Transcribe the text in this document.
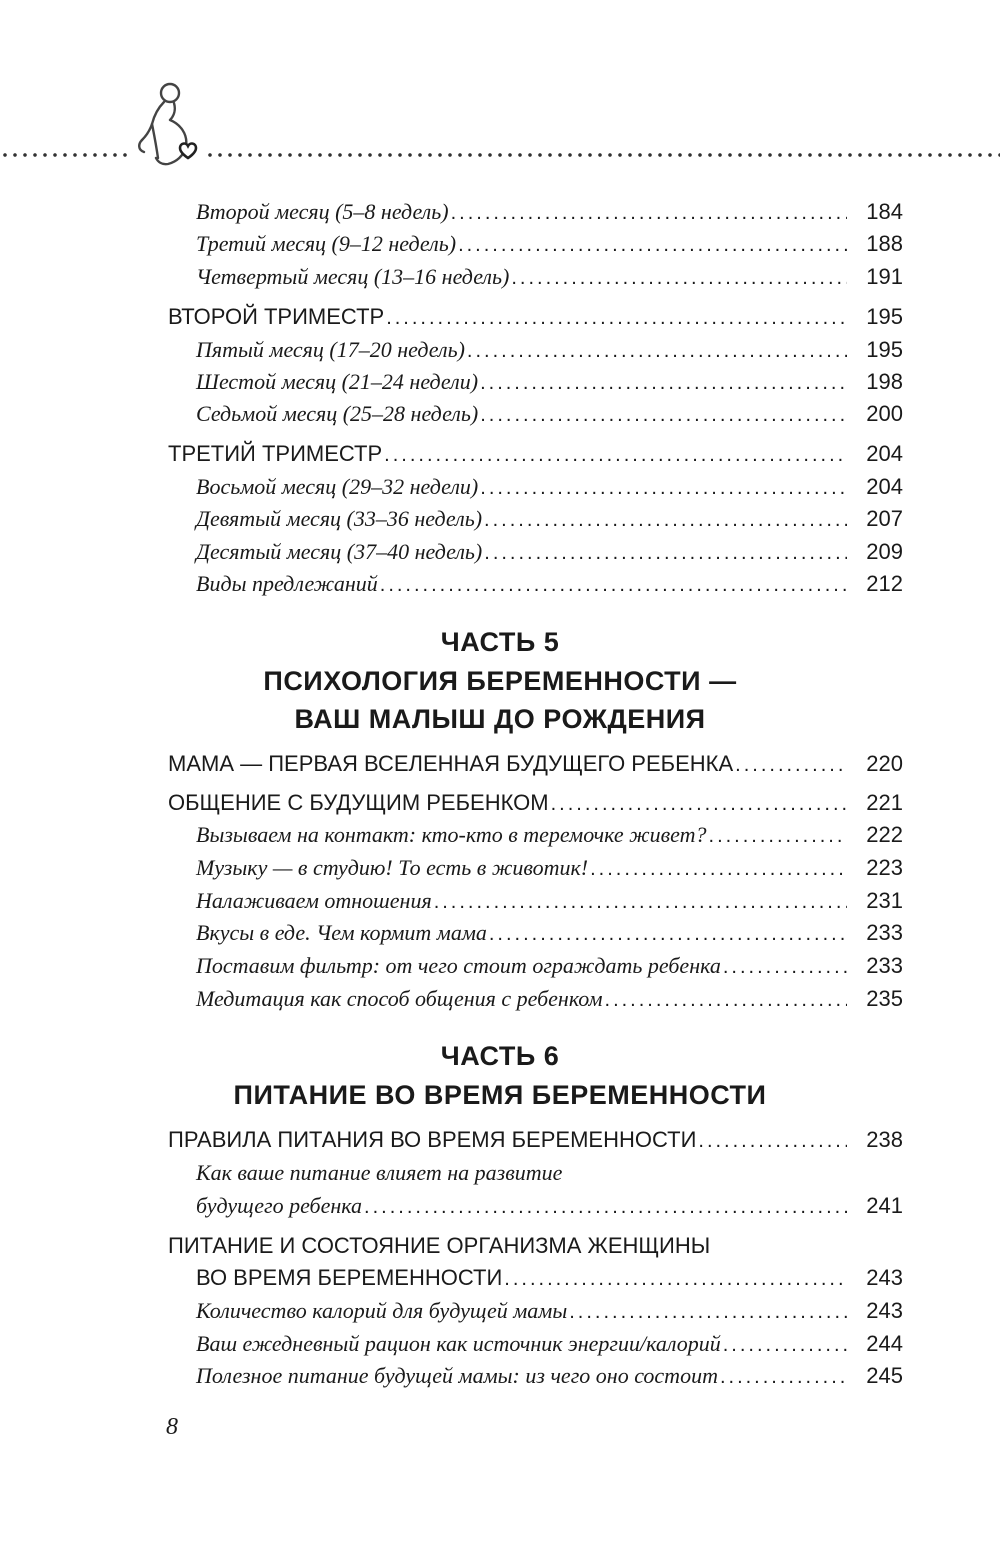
Второй месяц (5–8 недель) .....	184
Третий месяц (9–12 недель) .....	188
Четвертый месяц (13–16 недель) .....	191
ВТОРОЙ ТРИМЕСТР .....	195
Пятый месяц (17–20 недель) .....	195
Шестой месяц (21–24 недели) .....	198
Седьмой месяц (25–28 недель) .....	200
ТРЕТИЙ ТРИМЕСТР .....	204
Восьмой месяц (29–32 недели) .....	204
Девятый месяц (33–36 недель) .....	207
Десятый месяц (37–40 недель) .....	209
Виды предлежаний .....	212
МАМА — ПЕРВАЯ ВСЕЛЕННАЯ БУДУЩЕГО РЕБЕНКА .....	220
ОБЩЕНИЕ С БУДУЩИМ РЕБЕНКОМ .....	221
Вызываем на контакт: кто-кто в теремочке живет? .....	222
Музыку — в студию! То есть в животик! .....	223
Налаживаем отношения .....	231
Вкусы в еде. Чем кормит мама .....	233
Поставим фильтр: от чего стоит ограждать ребенка .....	233
Медитация как способ общения с ребенком .....	235
ПРАВИЛА ПИТАНИЯ ВО ВРЕМЯ БЕРЕМЕННОСТИ .....	238
Как ваше питание влияет на развитие
будущего ребенка .....	241
ПИТАНИЕ И СОСТОЯНИЕ ОРГАНИЗМА ЖЕНЩИНЫ
ВО ВРЕМЯ БЕРЕМЕННОСТИ .....	243
Количество калорий для будущей мамы .....	243
Ваш ежедневный рацион как источник энергии/калорий .....	244
Полезное питание будущей мамы: из чего оно состоит .....	245
ЧАСТЬ 5
ПСИХОЛОГИЯ БЕРЕМЕННОСТИ —
ВАШ МАЛЫШ ДО РОЖДЕНИЯ
ЧАСТЬ 6
ПИТАНИЕ ВО ВРЕМЯ БЕРЕМЕННОСТИ
8
